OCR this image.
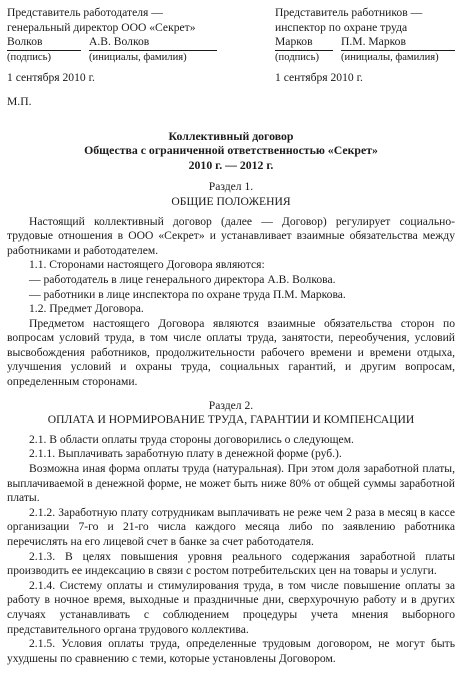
Представитель работодателя —
генеральный директор ООО «Секрет»
Волков	А.В. Волков
(подпись)	(инициалы, фамилия)
1 сентября 2010 г.
Представитель работников —
инспектор по охране труда
Марков	П.М. Марков
(подпись)	(инициалы, фамилия)
1 сентября 2010 г.
М.П.
Коллективный договор
Общества с ограниченной ответственностью «Секрет»
2010 г. — 2012 г.
Раздел 1.
ОБЩИЕ ПОЛОЖЕНИЯ

Настоящий коллективный договор (далее — Договор) регулирует социально-трудовые отношения в ООО «Секрет» и устанавливает взаимные обязательства между работниками и работодателем.

1.1. Сторонами настоящего Договора являются:

— работодатель в лице генерального директора А.В. Волкова.

— работники в лице инспектора по охране труда П.М. Маркова.

1.2. Предмет Договора.

Предметом настоящего Договора являются взаимные обязательства сторон по вопросам условий труда, в том числе оплаты труда, занятости, переобучения, условий высвобождения работников, продолжительности рабочего времени и времени отдыха, улучшения условий и охраны труда, социальных гарантий, и другим вопросам, определенным сторонами.

Раздел 2.
ОПЛАТА И НОРМИРОВАНИЕ ТРУДА, ГАРАНТИИ И КОМПЕНСАЦИИ

2.1. В области оплаты труда стороны договорились о следующем.

2.1.1. Выплачивать заработную плату в денежной форме (руб.).

Возможна иная форма оплаты труда (натуральная). При этом доля заработной платы, выплачиваемой в денежной форме, не может быть ниже 80% от общей суммы заработной платы.

2.1.2. Заработную плату сотрудникам выплачивать не реже чем 2 раза в месяц в кассе организации 7-го и 21-го числа каждого месяца либо по заявлению работника перечислять на его лицевой счет в банке за счет работодателя.

2.1.3. В целях повышения уровня реального содержания заработной платы производить ее индексацию в связи с ростом потребительских цен на товары и услуги.

2.1.4. Систему оплаты и стимулирования труда, в том числе повышение оплаты за работу в ночное время, выходные и праздничные дни, сверхурочную работу и в других случаях устанавливать с соблюдением процедуры учета мнения выборного представительного органа трудового коллектива.

2.1.5. Условия оплаты труда, определенные трудовым договором, не могут быть ухудшены по сравнению с теми, которые установлены Договором.
